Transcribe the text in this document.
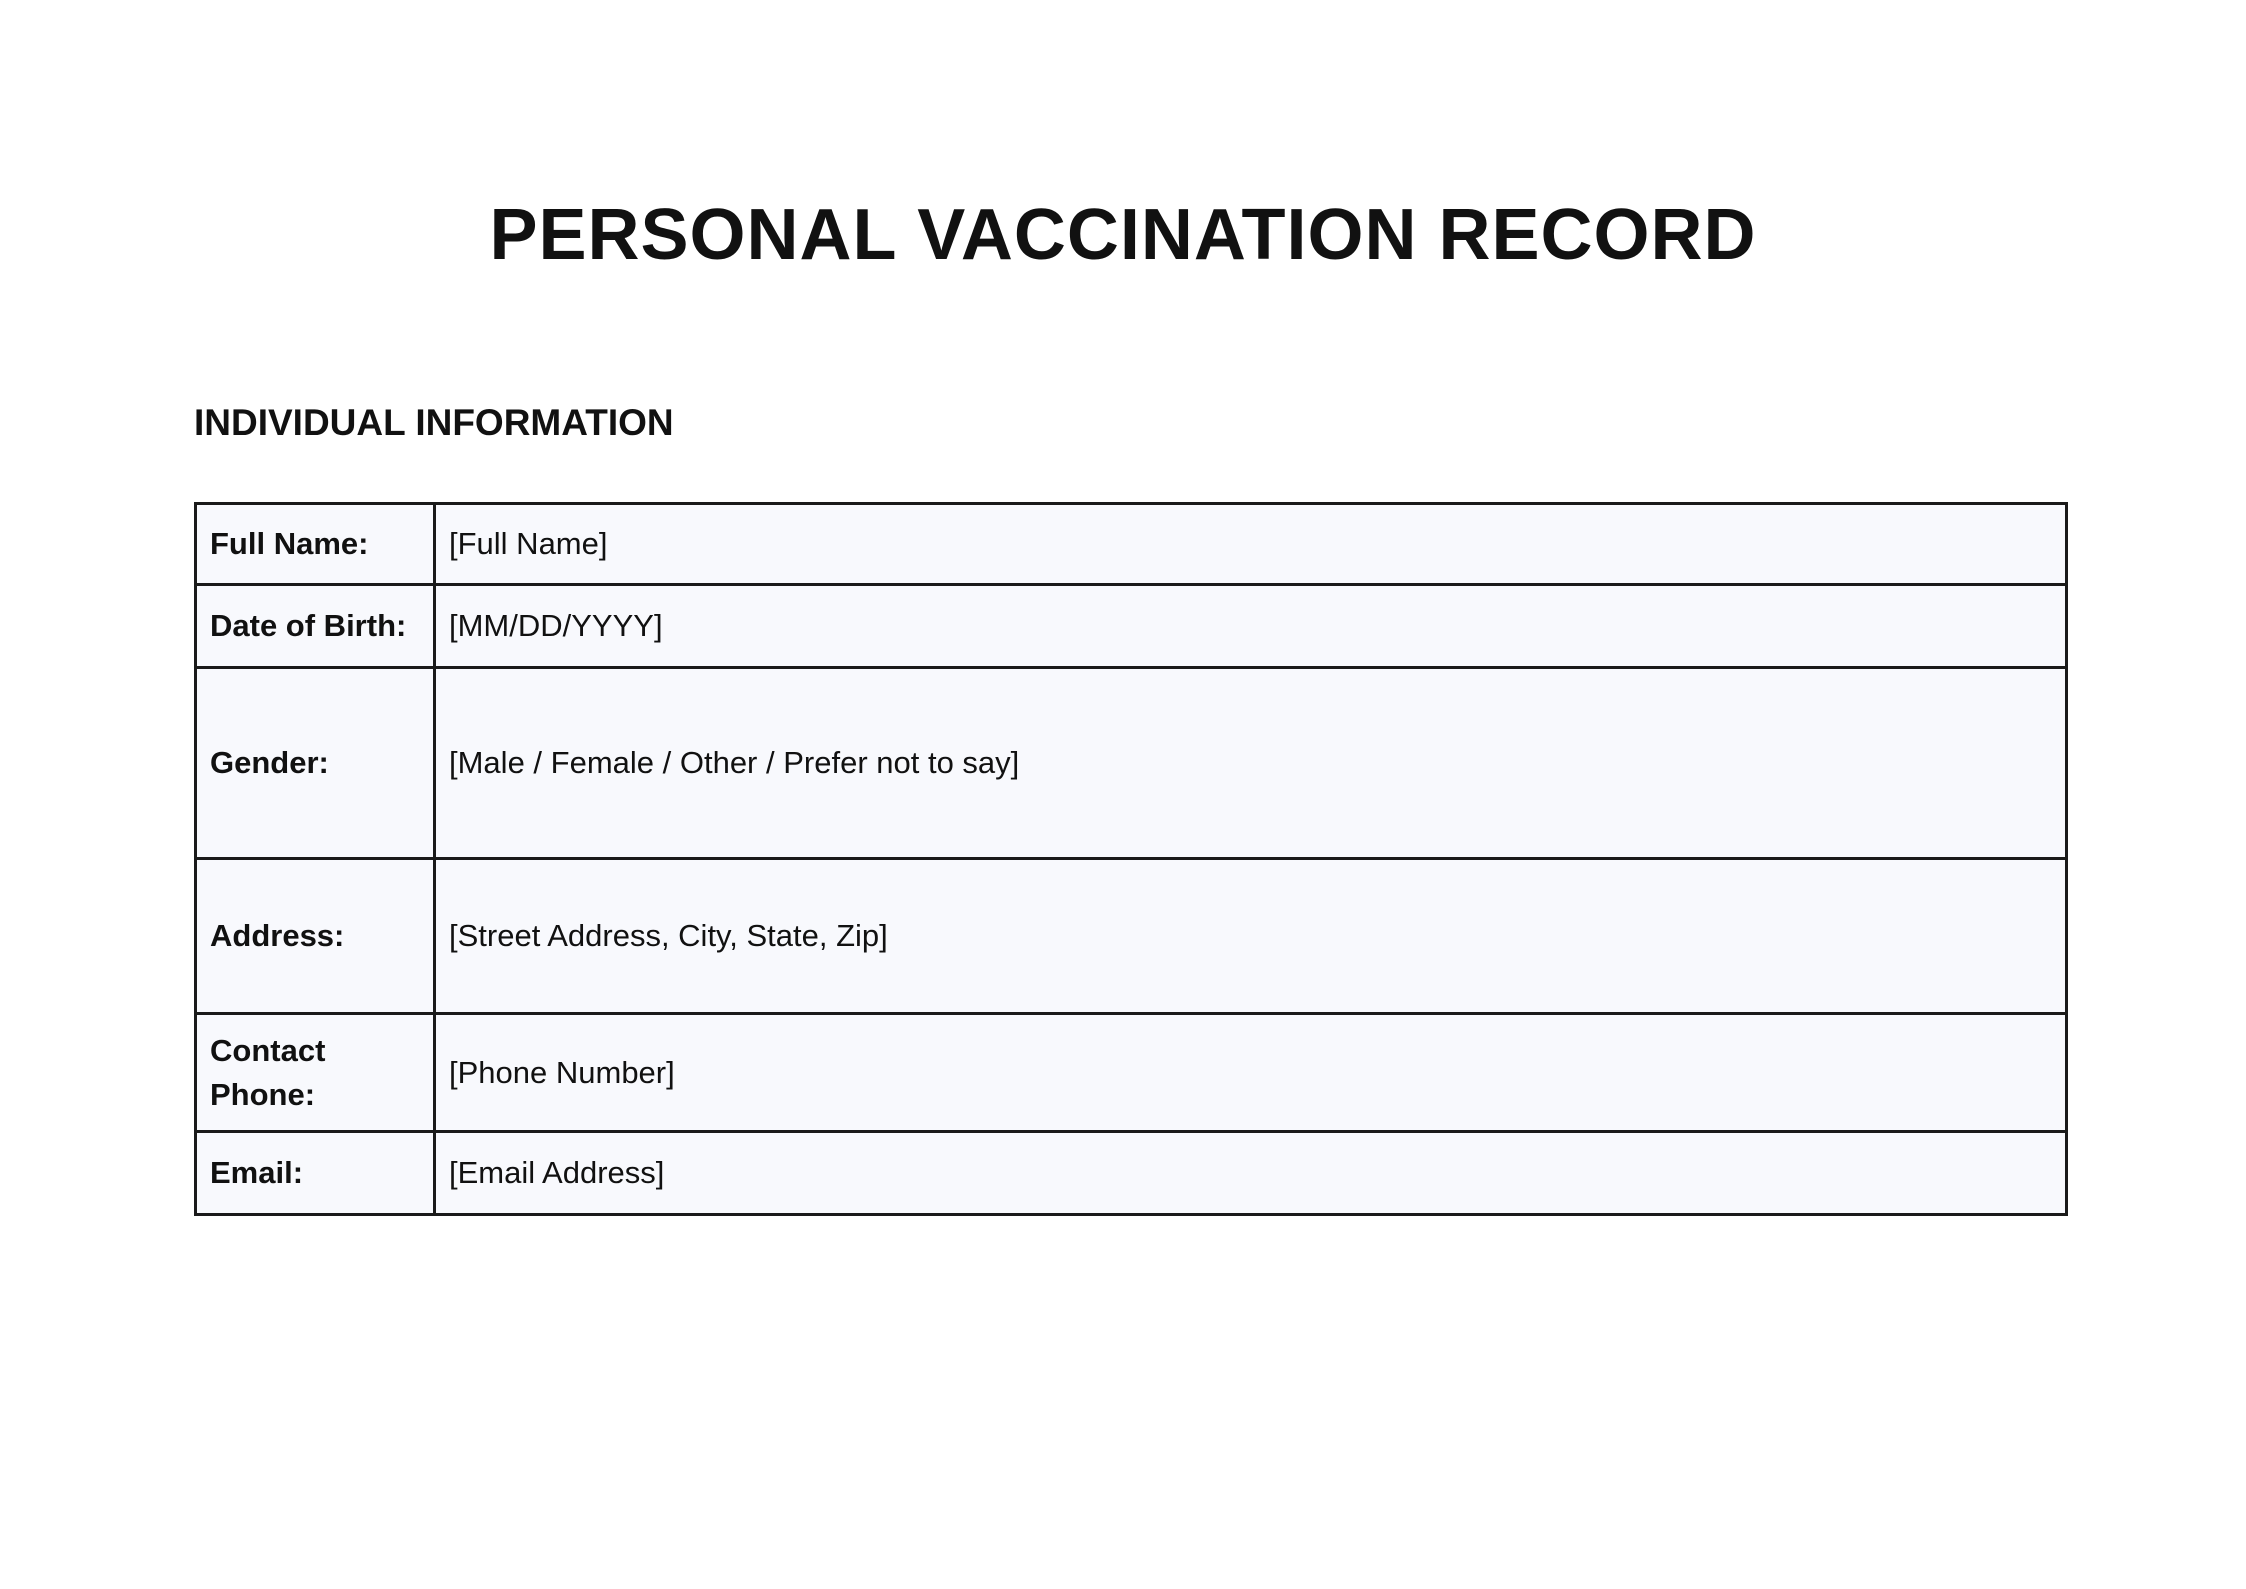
PERSONAL VACCINATION RECORD
INDIVIDUAL INFORMATION
Full Name:	[Full Name]
Date of Birth:	[MM/DD/YYYY]
Gender:	[Male / Female / Other / Prefer not to say]
Address:	[Street Address, City, State, Zip]
Contact Phone:	[Phone Number]
Email:	[Email Address]
